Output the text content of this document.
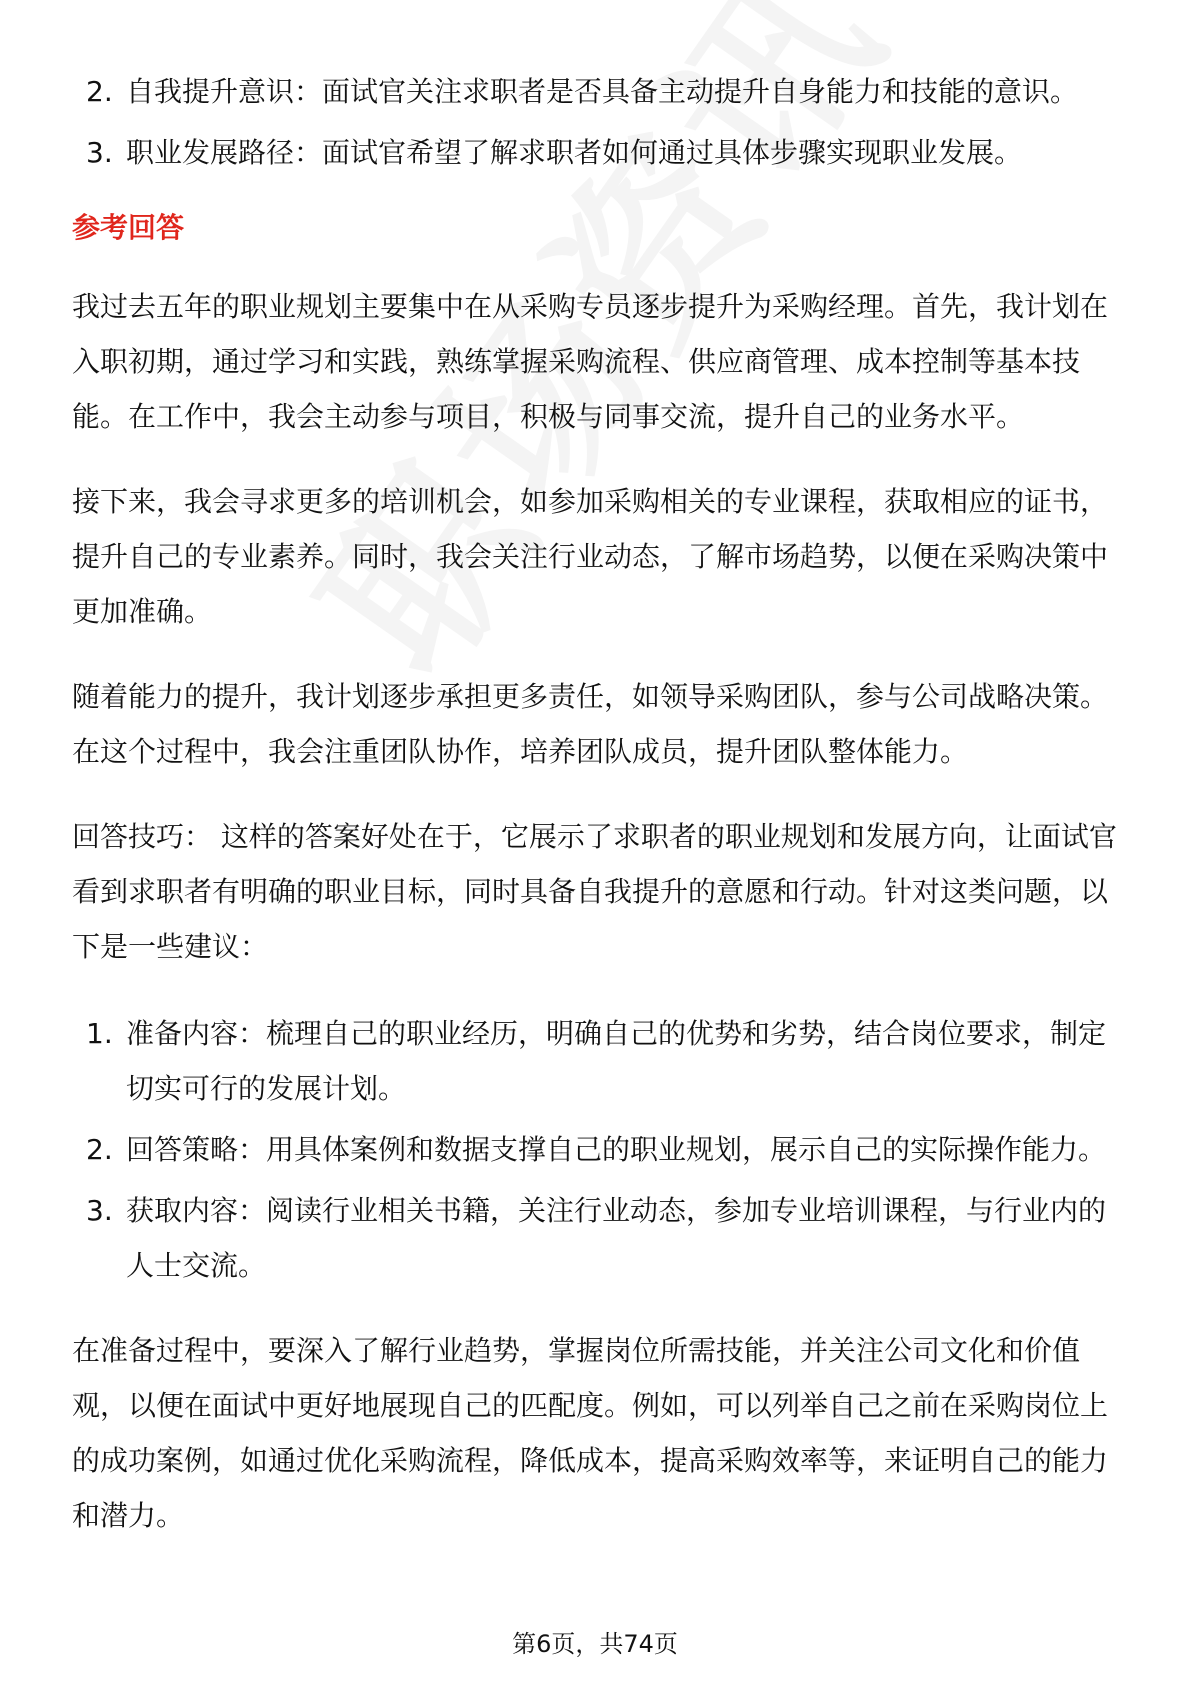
2. 自我提升意识：面试官关注求职者是否具备主动提升自身能力和技能的意识。
3. 职业发展路径：面试官希望了解求职者如何通过具体步骤实现职业发展。
参考回答

我过去五年的职业规划主要集中在从采购专员逐步提升为采购经理。首先，我计划在入职初期，通过学习和实践，熟练掌握采购流程、供应商管理、成本控制等基本技能。在工作中，我会主动参与项目，积极与同事交流，提升自己的业务水平。

接下来，我会寻求更多的培训机会，如参加采购相关的专业课程，获取相应的证书，提升自己的专业素养。同时，我会关注行业动态，了解市场趋势，以便在采购决策中更加准确。

随着能力的提升，我计划逐步承担更多责任，如领导采购团队，参与公司战略决策。在这个过程中，我会注重团队协作，培养团队成员，提升团队整体能力。

回答技巧： 这样的答案好处在于，它展示了求职者的职业规划和发展方向，让面试官看到求职者有明确的职业目标，同时具备自我提升的意愿和行动。针对这类问题，以下是一些建议：

1. 准备内容：梳理自己的职业经历，明确自己的优势和劣势，结合岗位要求，制定切实可行的发展计划。
2. 回答策略：用具体案例和数据支撑自己的职业规划，展示自己的实际操作能力。
3. 获取内容：阅读行业相关书籍，关注行业动态，参加专业培训课程，与行业内的人士交流。

在准备过程中，要深入了解行业趋势，掌握岗位所需技能，并关注公司文化和价值观，以便在面试中更好地展现自己的匹配度。例如，可以列举自己之前在采购岗位上的成功案例，如通过优化采购流程，降低成本，提高采购效率等，来证明自己的能力和潜力。

第6页，共74页
